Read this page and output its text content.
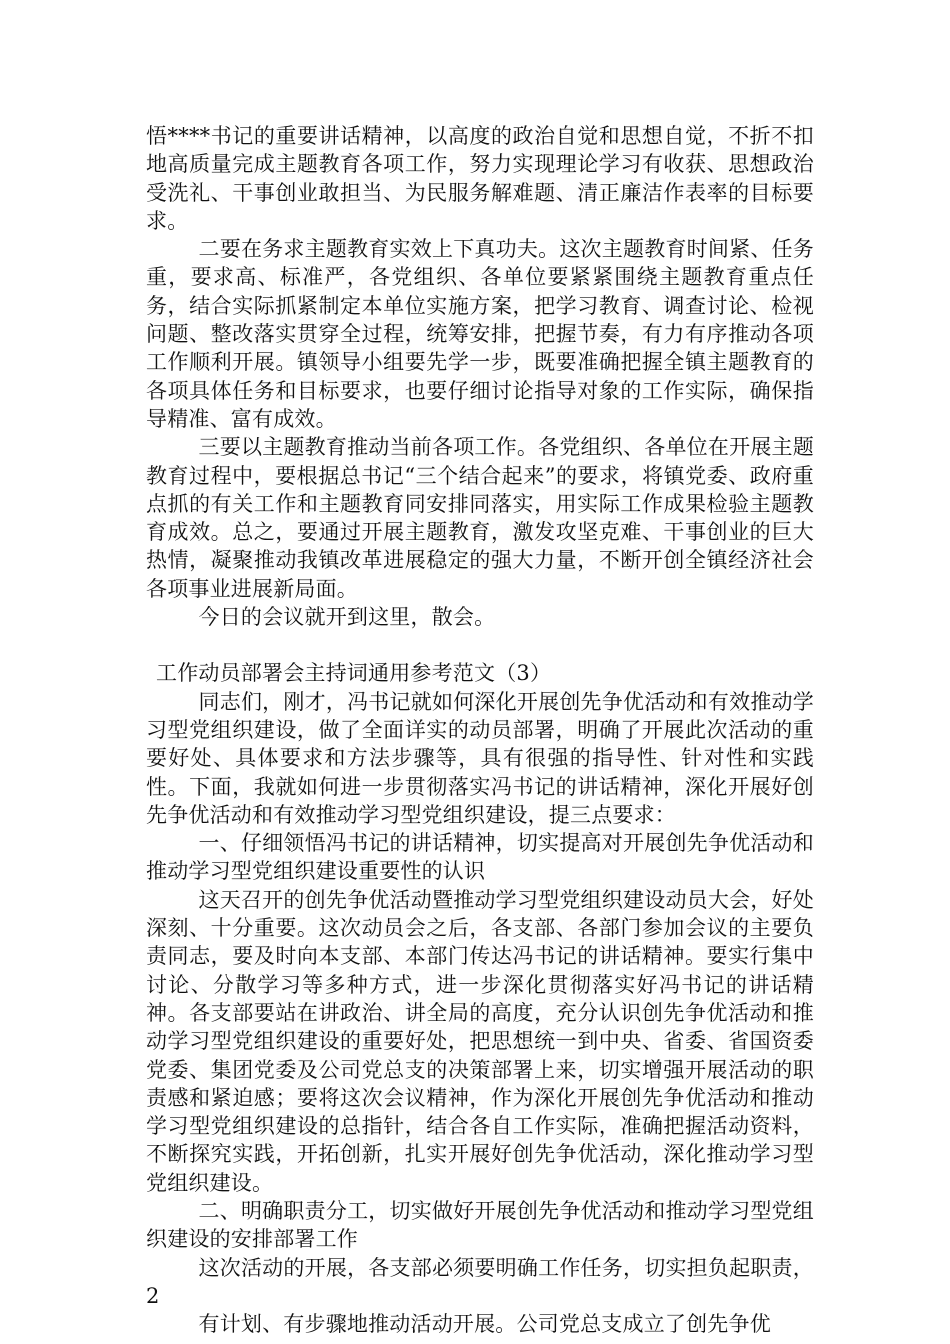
悟****书记的重要讲话精神，以高度的政治自觉和思想自觉，不折不扣地高质量完成主题教育各项工作，努力实现理论学习有收获、思想政治受洗礼、干事创业敢担当、为民服务解难题、清正廉洁作表率的目标要求。

二要在务求主题教育实效上下真功夫。这次主题教育时间紧、任务重，要求高、标准严，各党组织、各单位要紧紧围绕主题教育重点任务，结合实际抓紧制定本单位实施方案，把学习教育、调查讨论、检视问题、整改落实贯穿全过程，统筹安排，把握节奏，有力有序推动各项工作顺利开展。镇领导小组要先学一步，既要准确把握全镇主题教育的各项具体任务和目标要求，也要仔细讨论指导对象的工作实际，确保指导精准、富有成效。

三要以主题教育推动当前各项工作。各党组织、各单位在开展主题教育过程中，要根据总书记“三个结合起来”的要求，将镇党委、政府重点抓的有关工作和主题教育同安排同落实，用实际工作成果检验主题教育成效。总之，要通过开展主题教育，激发攻坚克难、干事创业的巨大热情，凝聚推动我镇改革进展稳定的强大力量，不断开创全镇经济社会各项事业进展新局面。

今日的会议就开到这里，散会。

工作动员部署会主持词通用参考范文（3）

同志们，刚才，冯书记就如何深化开展创先争优活动和有效推动学习型党组织建设，做了全面详实的动员部署，明确了开展此次活动的重要好处、具体要求和方法步骤等，具有很强的指导性、针对性和实践性。下面，我就如何进一步贯彻落实冯书记的讲话精神，深化开展好创先争优活动和有效推动学习型党组织建设，提三点要求：

一、仔细领悟冯书记的讲话精神，切实提高对开展创先争优活动和推动学习型党组织建设重要性的认识

这天召开的创先争优活动暨推动学习型党组织建设动员大会，好处深刻、十分重要。这次动员会之后，各支部、各部门参加会议的主要负责同志，要及时向本支部、本部门传达冯书记的讲话精神。要实行集中讨论、分散学习等多种方式，进一步深化贯彻落实好冯书记的讲话精神。各支部要站在讲政治、讲全局的高度，充分认识创先争优活动和推动学习型党组织建设的重要好处，把思想统一到中央、省委、省国资委党委、集团党委及公司党总支的决策部署上来，切实增强开展活动的职责感和紧迫感；要将这次会议精神，作为深化开展创先争优活动和推动学习型党组织建设的总指针，结合各自工作实际，准确把握活动资料，不断探究实践，开拓创新，扎实开展好创先争优活动，深化推动学习型党组织建设。

二、明确职责分工，切实做好开展创先争优活动和推动学习型党组织建设的安排部署工作

这次活动的开展，各支部必须要明确工作任务，切实担负起职责，2

有计划、有步骤地推动活动开展。公司党总支成立了创先争优
